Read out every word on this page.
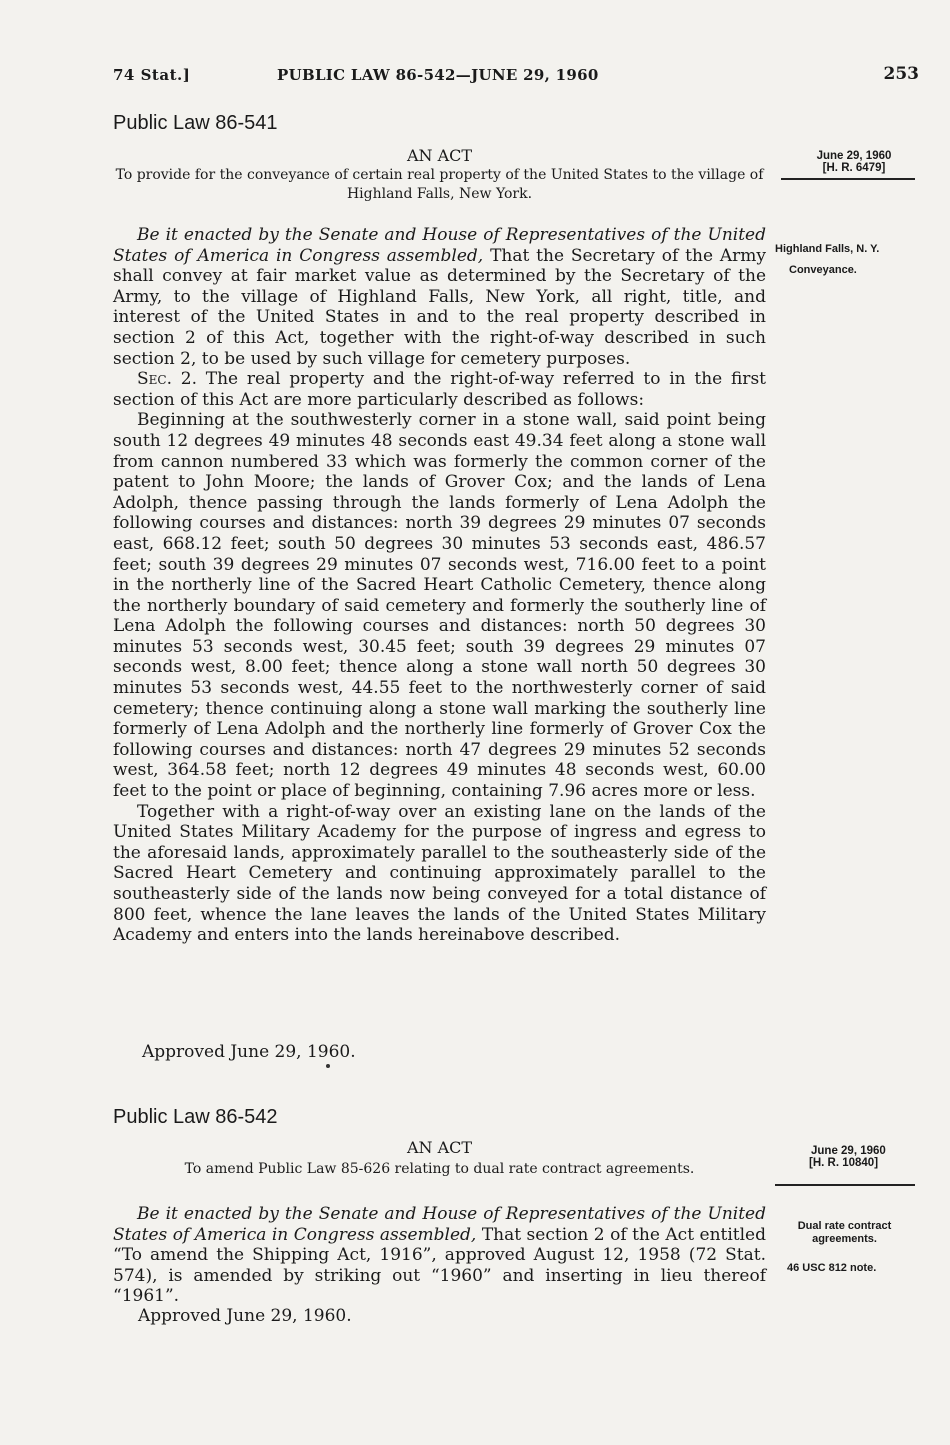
74 Stat.]	PUBLIC LAW 86-542—JUNE 29, 1960	253
Public Law 86-541
AN ACT
To provide for the conveyance of certain real property of the United States to the village of Highland Falls, New York.
June 29, 1960
[H. R. 6479]
Highland Falls, N. Y.
Conveyance.

Be it enacted by the Senate and House of Representatives of the United States of America in Congress assembled, That the Secretary of the Army shall convey at fair market value as determined by the Secretary of the Army, to the village of Highland Falls, New York, all right, title, and interest of the United States in and to the real property described in section 2 of this Act, together with the right-of-way described in such section 2, to be used by such village for cemetery purposes.

Sec. 2. The real property and the right-of-way referred to in the first section of this Act are more particularly described as follows:

Beginning at the southwesterly corner in a stone wall, said point being south 12 degrees 49 minutes 48 seconds east 49.34 feet along a stone wall from cannon numbered 33 which was formerly the common corner of the patent to John Moore; the lands of Grover Cox; and the lands of Lena Adolph, thence passing through the lands formerly of Lena Adolph the following courses and distances: north 39 degrees 29 minutes 07 seconds east, 668.12 feet; south 50 degrees 30 minutes 53 seconds east, 486.57 feet; south 39 degrees 29 minutes 07 seconds west, 716.00 feet to a point in the northerly line of the Sacred Heart Catholic Cemetery, thence along the northerly boundary of said cemetery and formerly the southerly line of Lena Adolph the following courses and distances: north 50 degrees 30 minutes 53 seconds west, 30.45 feet; south 39 degrees 29 minutes 07 seconds west, 8.00 feet; thence along a stone wall north 50 degrees 30 minutes 53 seconds west, 44.55 feet to the northwesterly corner of said cemetery; thence continuing along a stone wall marking the southerly line formerly of Lena Adolph and the northerly line formerly of Grover Cox the following courses and distances: north 47 degrees 29 minutes 52 seconds west, 364.58 feet; north 12 degrees 49 minutes 48 seconds west, 60.00 feet to the point or place of beginning, containing 7.96 acres more or less.

Together with a right-of-way over an existing lane on the lands of the United States Military Academy for the purpose of ingress and egress to the aforesaid lands, approximately parallel to the southeasterly side of the Sacred Heart Cemetery and continuing approximately parallel to the southeasterly side of the lands now being conveyed for a total distance of 800 feet, whence the lane leaves the lands of the United States Military Academy and enters into the lands hereinabove described.

Approved June 29, 1960.
Public Law 86-542
AN ACT
To amend Public Law 85-626 relating to dual rate contract agreements.
June 29, 1960
[H. R. 10840]
Dual rate contract agreements.
46 USC 812 note.

Be it enacted by the Senate and House of Representatives of the United States of America in Congress assembled, That section 2 of the Act entitled “To amend the Shipping Act, 1916”, approved August 12, 1958 (72 Stat. 574), is amended by striking out “1960” and inserting in lieu thereof “1961”.

Approved June 29, 1960.
